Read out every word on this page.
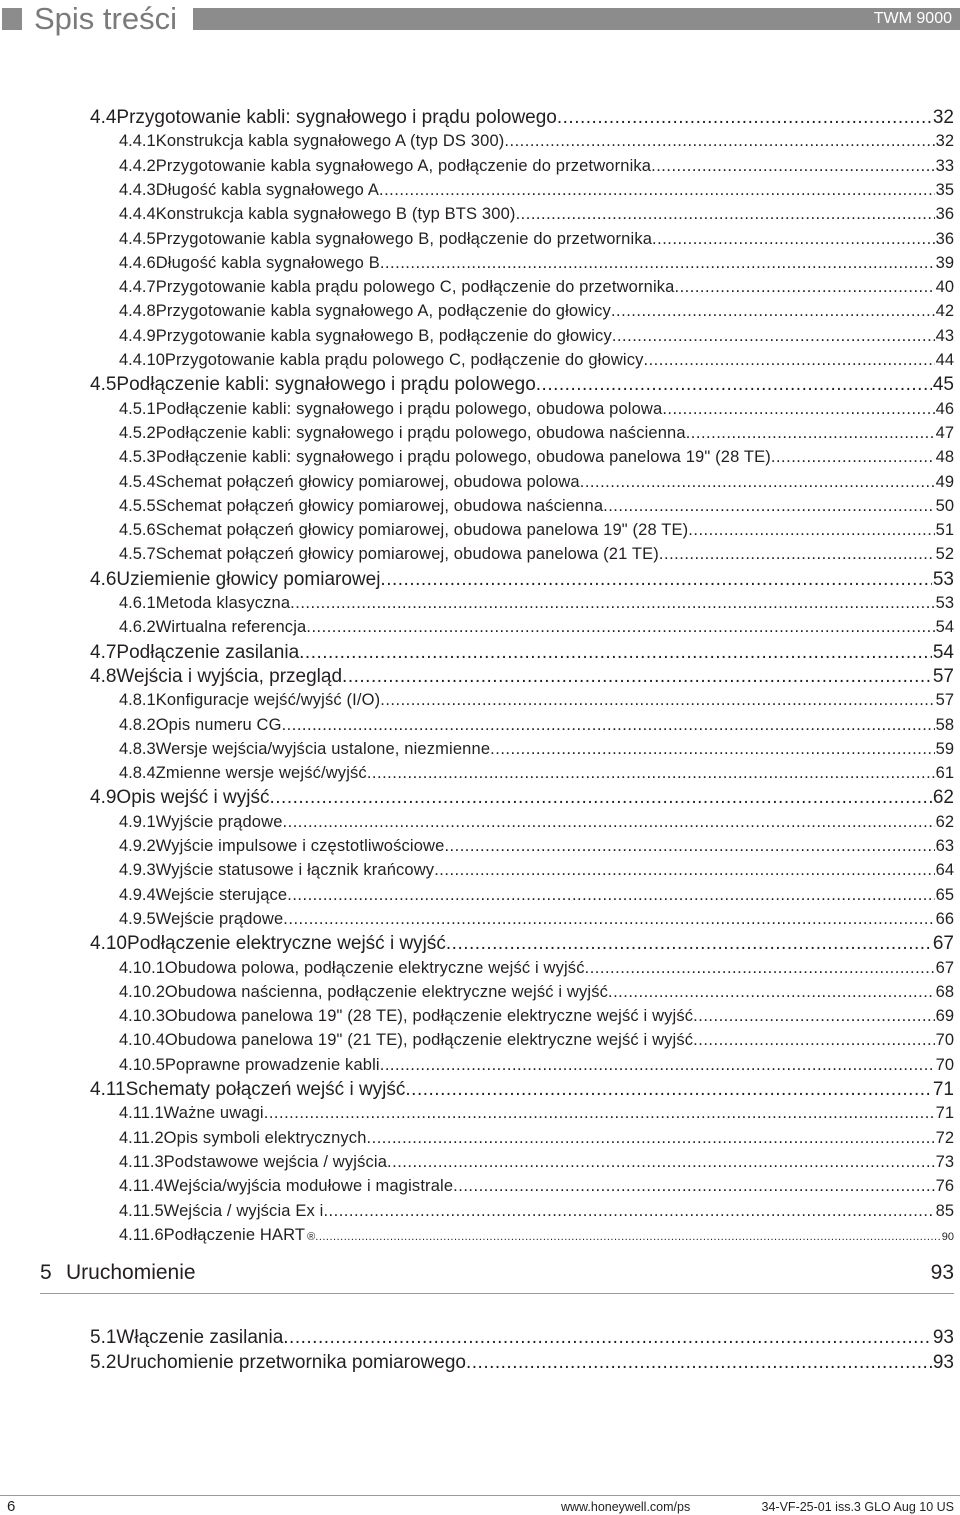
Spis treści	TWM 9000
4.4 Przygotowanie kabli: sygnałowego i prądu polowego .....	32
4.4.1 Konstrukcja kabla sygnałowego A (typ DS 300) .....	32
4.4.2 Przygotowanie kabla sygnałowego A, podłączenie do przetwornika .....	33
4.4.3 Długość kabla sygnałowego A .....	35
4.4.4 Konstrukcja kabla sygnałowego B (typ BTS 300) .....	36
4.4.5 Przygotowanie kabla sygnałowego B, podłączenie do przetwornika .....	36
4.4.6 Długość kabla sygnałowego B .....	39
4.4.7 Przygotowanie kabla prądu polowego C, podłączenie do przetwornika .....	40
4.4.8 Przygotowanie kabla sygnałowego A, podłączenie do głowicy .....	42
4.4.9 Przygotowanie kabla sygnałowego B, podłączenie do głowicy .....	43
4.4.10 Przygotowanie kabla prądu polowego C, podłączenie do głowicy .....	44
4.5 Podłączenie kabli: sygnałowego i prądu polowego .....	45
4.5.1 Podłączenie kabli: sygnałowego i prądu polowego, obudowa polowa .....	46
4.5.2 Podłączenie kabli: sygnałowego i prądu polowego, obudowa naścienna .....	47
4.5.3 Podłączenie kabli: sygnałowego i prądu polowego, obudowa panelowa 19" (28 TE) .....	48
4.5.4 Schemat połączeń głowicy pomiarowej, obudowa polowa .....	49
4.5.5 Schemat połączeń głowicy pomiarowej, obudowa naścienna .....	50
4.5.6 Schemat połączeń głowicy pomiarowej, obudowa panelowa 19" (28 TE) .....	51
4.5.7 Schemat połączeń głowicy pomiarowej, obudowa panelowa (21 TE) .....	52
4.6 Uziemienie głowicy pomiarowej .....	53
4.6.1 Metoda klasyczna .....	53
4.6.2 Wirtualna referencja .....	54
4.7 Podłączenie zasilania .....	54
4.8 Wejścia i wyjścia, przegląd .....	57
4.8.1 Konfiguracje wejść/wyjść (I/O) .....	57
4.8.2 Opis numeru CG .....	58
4.8.3 Wersje wejścia/wyjścia ustalone, niezmienne .....	59
4.8.4 Zmienne wersje wejść/wyjść .....	61
4.9 Opis wejść i wyjść .....	62
4.9.1 Wyjście prądowe .....	62
4.9.2 Wyjście impulsowe i częstotliwościowe .....	63
4.9.3 Wyjście statusowe i łącznik krańcowy .....	64
4.9.4 Wejście sterujące .....	65
4.9.5 Wejście prądowe .....	66
4.10 Podłączenie elektryczne wejść i wyjść .....	67
4.10.1 Obudowa polowa, podłączenie elektryczne wejść i wyjść .....	67
4.10.2 Obudowa naścienna, podłączenie elektryczne wejść i wyjść .....	68
4.10.3 Obudowa panelowa 19" (28 TE), podłączenie elektryczne wejść i wyjść .....	69
4.10.4 Obudowa panelowa 19" (21 TE), podłączenie elektryczne wejść i wyjść .....	70
4.10.5 Poprawne prowadzenie kabli .....	70
4.11 Schematy połączeń wejść i wyjść .....	71
4.11.1 Ważne uwagi .....	71
4.11.2 Opis symboli elektrycznych .....	72
4.11.3 Podstawowe wejścia / wyjścia .....	73
4.11.4 Wejścia/wyjścia modułowe i magistrale .....	76
4.11.5 Wejścia / wyjścia Ex i .....	85
4.11.6 Podłączenie HART ® .....	90
5 Uruchomienie	93
5.1 Włączenie zasilania .....	93
5.2 Uruchomienie przetwornika pomiarowego .....	93
6	www.honeywell.com/ps	34-VF-25-01 iss.3 GLO Aug 10 US
